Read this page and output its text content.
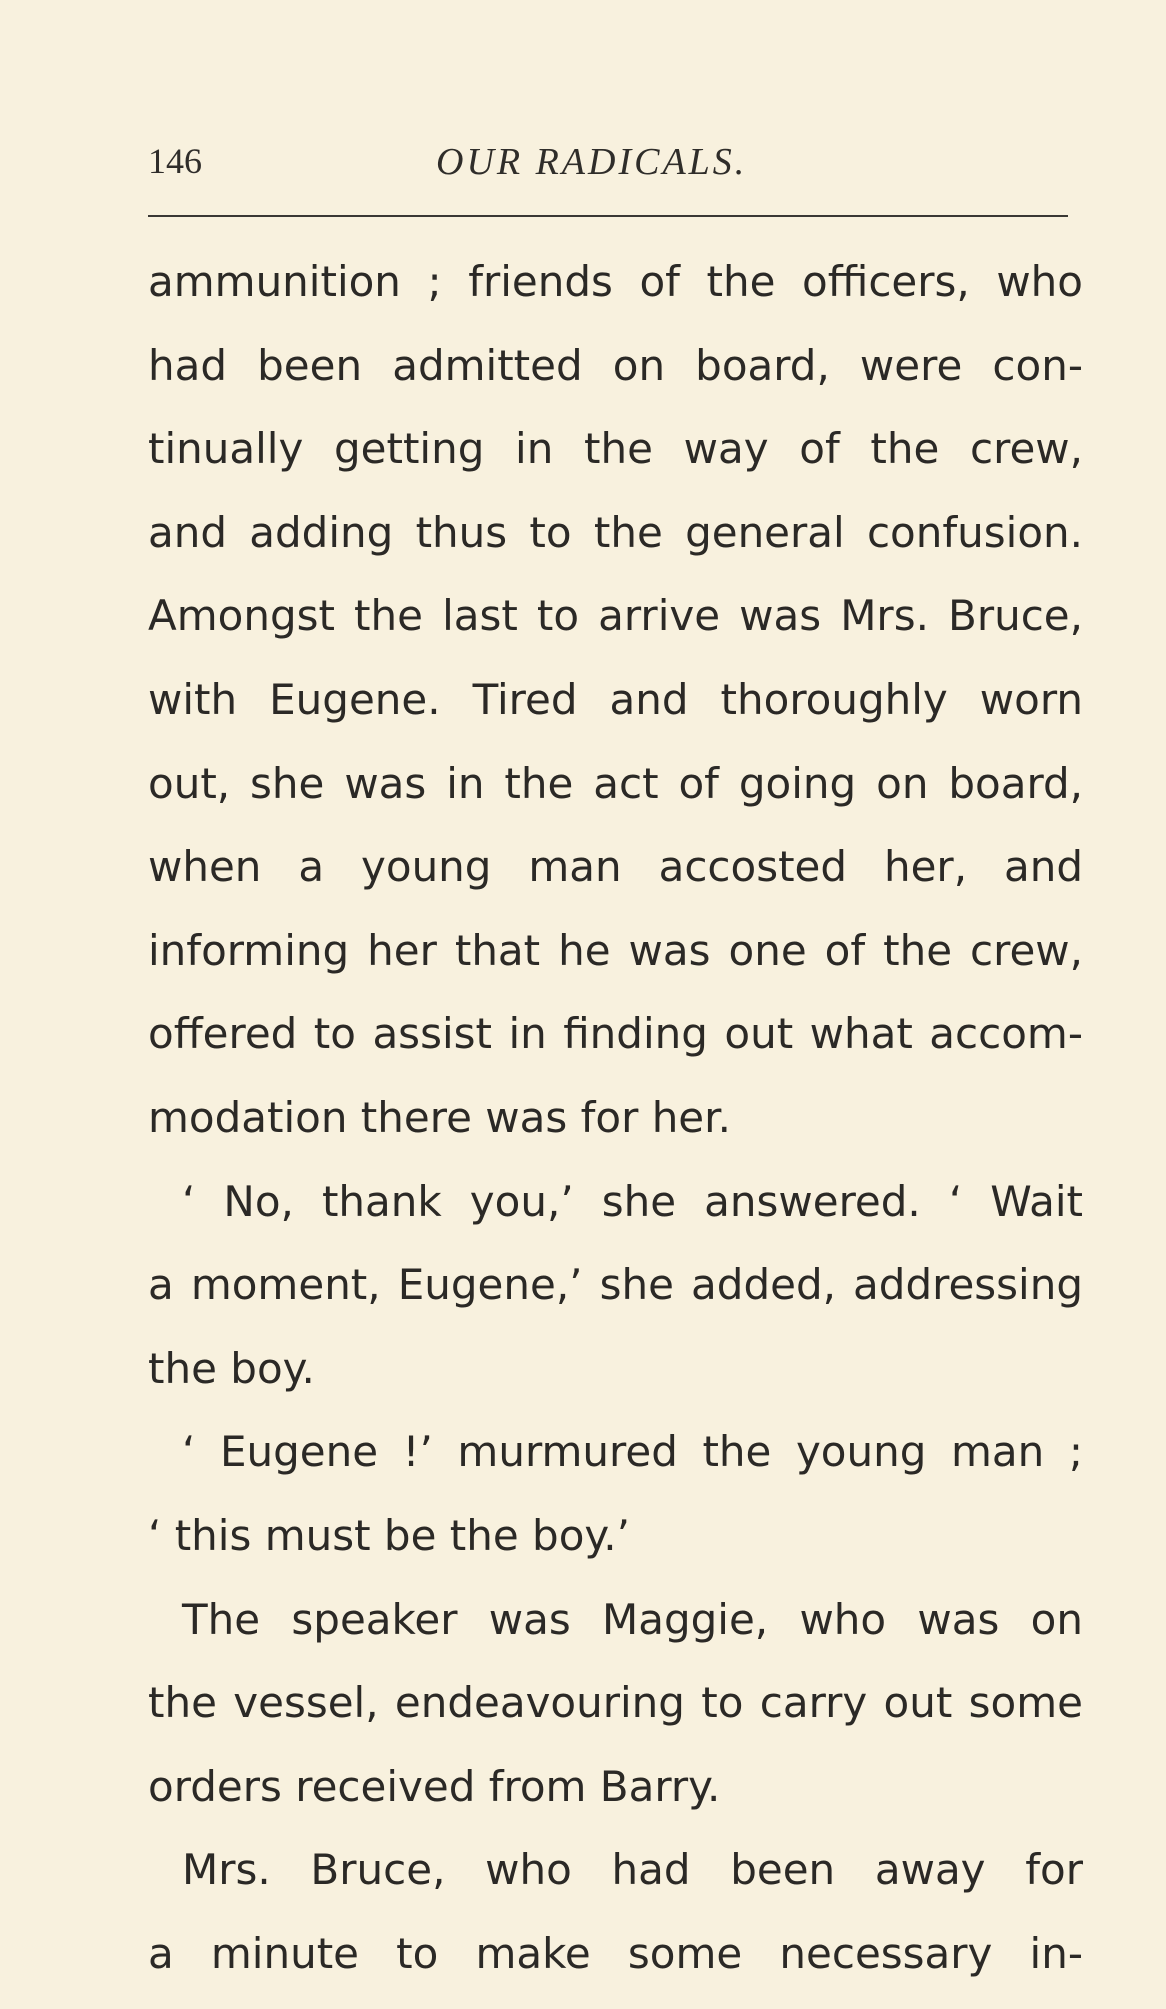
146	OUR RADICALS.
ammunition ; friends of the officers, who
had been admitted on board, were con-
tinually getting in the way of the crew,
and adding thus to the general confusion.
Amongst the last to arrive was Mrs. Bruce,
with Eugene. Tired and thoroughly worn
out, she was in the act of going on board,
when a young man accosted her, and
informing her that he was one of the crew,
offered to assist in finding out what accom-
modation there was for her.
‘ No, thank you,’ she answered. ‘ Wait
a moment, Eugene,’ she added, addressing
the boy.
‘ Eugene !’ murmured the young man ;
‘ this must be the boy.’
The speaker was Maggie, who was on
the vessel, endeavouring to carry out some
orders received from Barry.
Mrs. Bruce, who had been away for
a minute to make some necessary in-
